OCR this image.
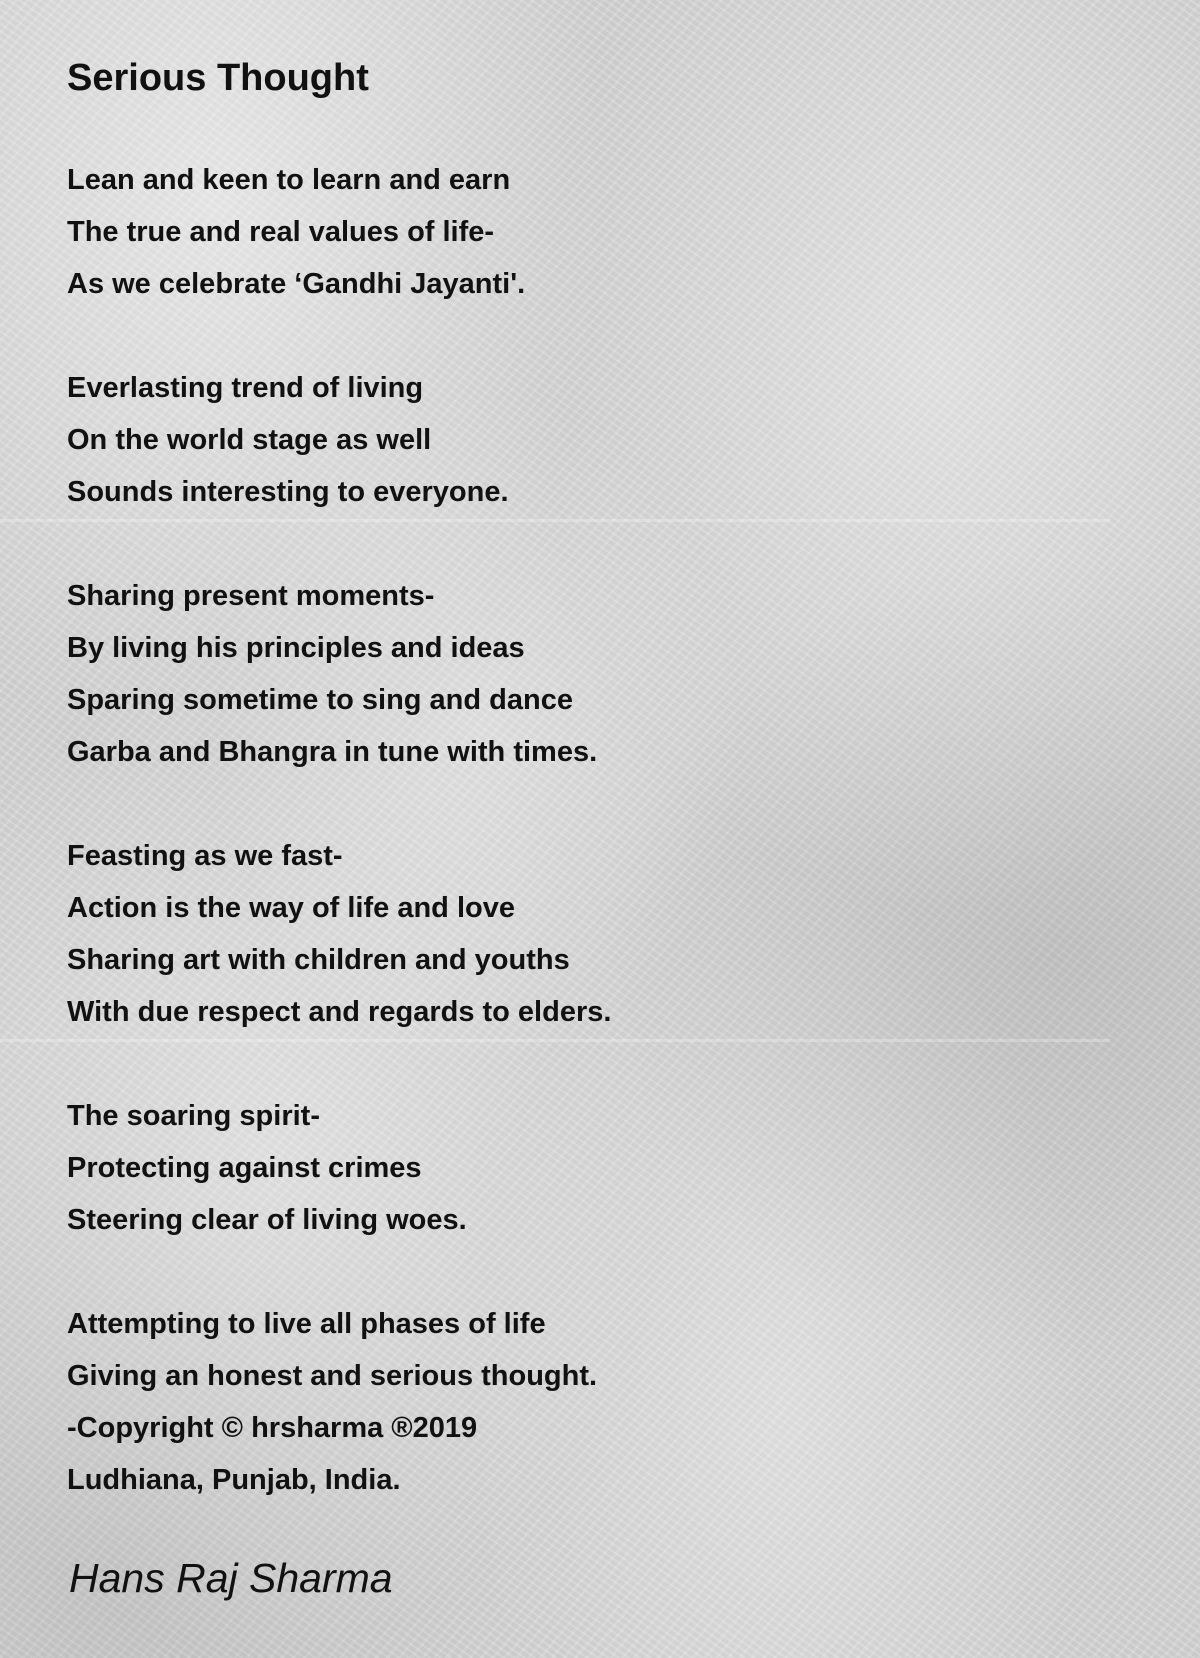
Serious Thought
Lean and keen to learn and earn
The true and real values of life-
As we celebrate ‘Gandhi Jayanti'.
Everlasting trend of living
On the world stage as well
Sounds interesting to everyone.
Sharing present moments-
By living his principles and ideas
Sparing sometime to sing and dance
Garba and Bhangra in tune with times.
Feasting as we fast-
Action is the way of life and love
Sharing art with children and youths
With due respect and regards to elders.
The soaring spirit-
Protecting against crimes
Steering clear of living woes.
Attempting to live all phases of life
Giving an honest and serious thought.
-Copyright © hrsharma ®2019
Ludhiana, Punjab, India.
Hans Raj Sharma
